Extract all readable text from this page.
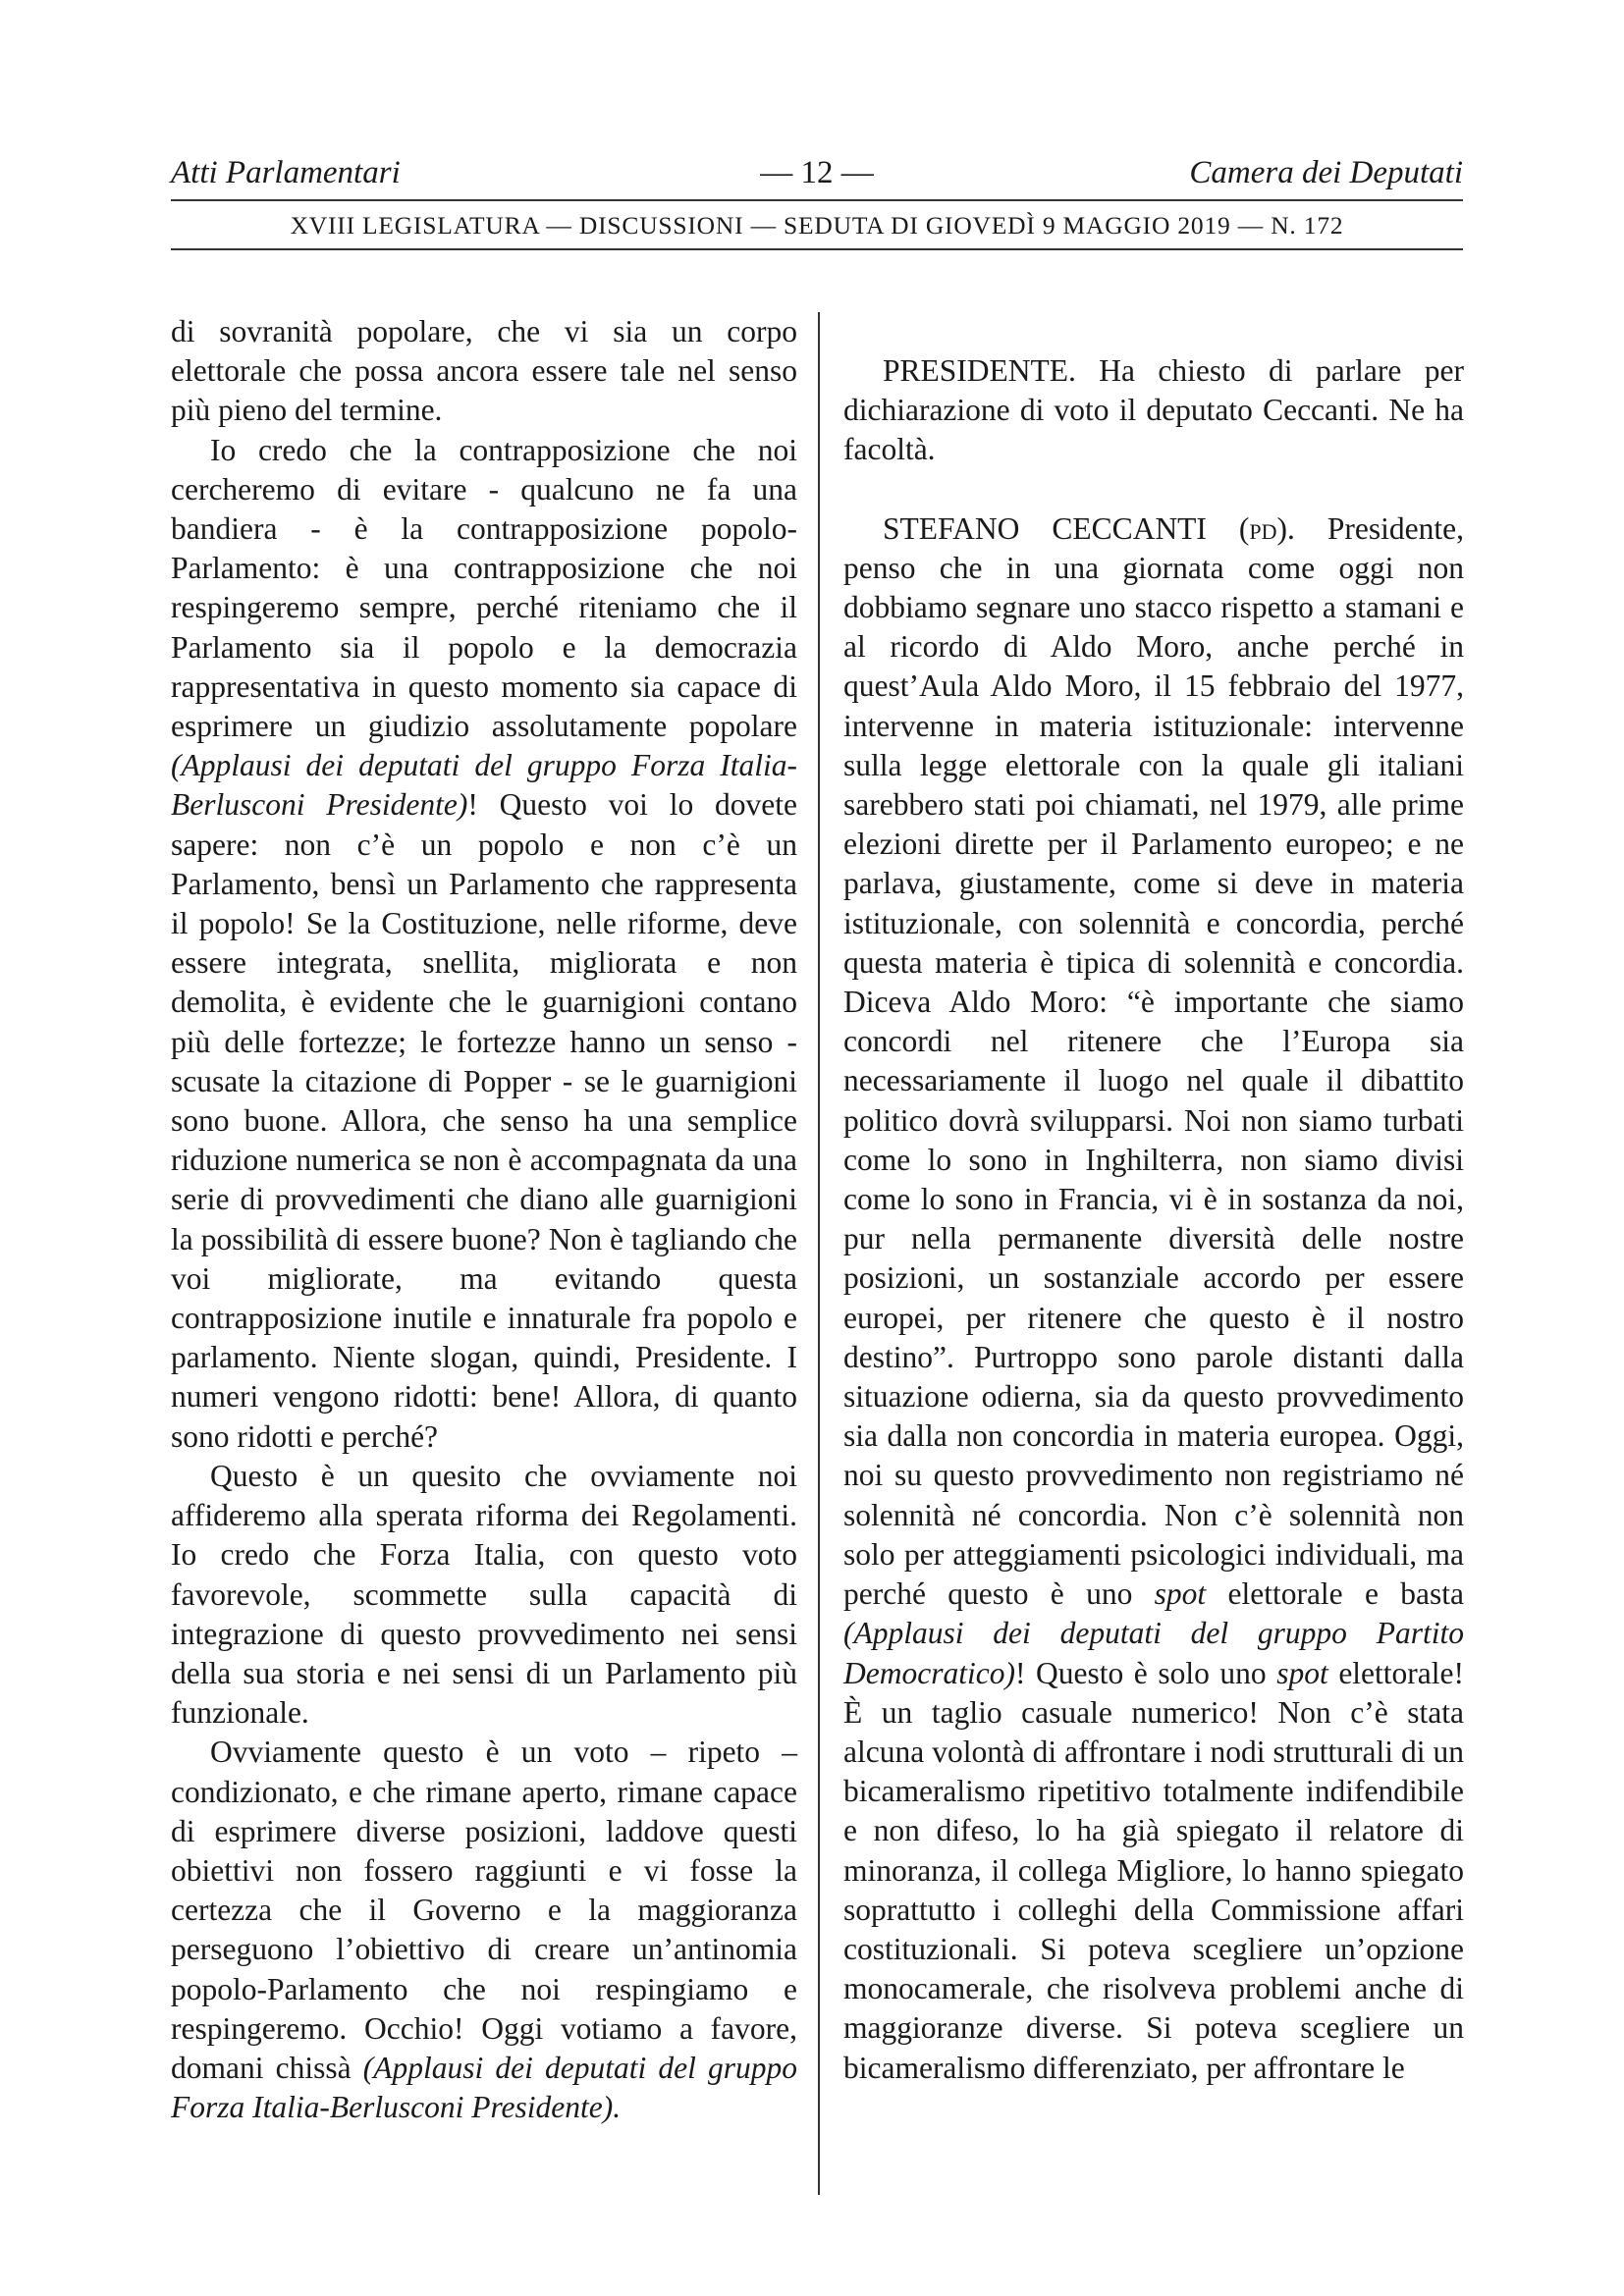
Atti Parlamentari	— 12 —	Camera dei Deputati
XVIII LEGISLATURA — DISCUSSIONI — SEDUTA DI GIOVEDÌ 9 MAGGIO 2019 — N. 172

di sovranità popolare, che vi sia un corpo elettorale che possa ancora essere tale nel senso più pieno del termine.

Io credo che la contrapposizione che noi cercheremo di evitare - qualcuno ne fa una bandiera - è la contrapposizione popolo-Parlamento: è una contrapposizione che noi respingeremo sempre, perché riteniamo che il Parlamento sia il popolo e la democrazia rappresentativa in questo momento sia capace di esprimere un giudizio assolutamente popolare (Applausi dei deputati del gruppo Forza Italia-Berlusconi Presidente)! Questo voi lo dovete sapere: non c’è un popolo e non c’è un Parlamento, bensì un Parlamento che rappresenta il popolo! Se la Costituzione, nelle riforme, deve essere integrata, snellita, migliorata e non demolita, è evidente che le guarnigioni contano più delle fortezze; le fortezze hanno un senso - scusate la citazione di Popper - se le guarnigioni sono buone. Allora, che senso ha una semplice riduzione numerica se non è accompagnata da una serie di provvedimenti che diano alle guarnigioni la possibilità di essere buone? Non è tagliando che voi migliorate, ma evitando questa contrapposizione inutile e innaturale fra popolo e parlamento. Niente slogan, quindi, Presidente. I numeri vengono ridotti: bene! Allora, di quanto sono ridotti e perché?

Questo è un quesito che ovviamente noi affideremo alla sperata riforma dei Regolamenti. Io credo che Forza Italia, con questo voto favorevole, scommette sulla capacità di integrazione di questo provvedimento nei sensi della sua storia e nei sensi di un Parlamento più funzionale.

Ovviamente questo è un voto – ripeto – condizionato, e che rimane aperto, rimane capace di esprimere diverse posizioni, laddove questi obiettivi non fossero raggiunti e vi fosse la certezza che il Governo e la maggioranza perseguono l’obiettivo di creare un’antinomia popolo-Parlamento che noi respingiamo e respingeremo. Occhio! Oggi votiamo a favore, domani chissà (Applausi dei deputati del gruppo Forza Italia-Berlusconi Presidente).

PRESIDENTE. Ha chiesto di parlare per dichiarazione di voto il deputato Ceccanti. Ne ha facoltà.

STEFANO CECCANTI (pd). Presidente, penso che in una giornata come oggi non dobbiamo segnare uno stacco rispetto a stamani e al ricordo di Aldo Moro, anche perché in quest’Aula Aldo Moro, il 15 febbraio del 1977, intervenne in materia istituzionale: intervenne sulla legge elettorale con la quale gli italiani sarebbero stati poi chiamati, nel 1979, alle prime elezioni dirette per il Parlamento europeo; e ne parlava, giustamente, come si deve in materia istituzionale, con solennità e concordia, perché questa materia è tipica di solennità e concordia. Diceva Aldo Moro: “è importante che siamo concordi nel ritenere che l’Europa sia necessariamente il luogo nel quale il dibattito politico dovrà svilupparsi. Noi non siamo turbati come lo sono in Inghilterra, non siamo divisi come lo sono in Francia, vi è in sostanza da noi, pur nella permanente diversità delle nostre posizioni, un sostanziale accordo per essere europei, per ritenere che questo è il nostro destino”. Purtroppo sono parole distanti dalla situazione odierna, sia da questo provvedimento sia dalla non concordia in materia europea. Oggi, noi su questo provvedimento non registriamo né solennità né concordia. Non c’è solennità non solo per atteggiamenti psicologici individuali, ma perché questo è uno spot elettorale e basta (Applausi dei deputati del gruppo Partito Democratico)! Questo è solo uno spot elettorale! È un taglio casuale numerico! Non c’è stata alcuna volontà di affrontare i nodi strutturali di un bicameralismo ripetitivo totalmente indifendibile e non difeso, lo ha già spiegato il relatore di minoranza, il collega Migliore, lo hanno spiegato soprattutto i colleghi della Commissione affari costituzionali. Si poteva scegliere un’opzione monocamerale, che risolveva problemi anche di maggioranze diverse. Si poteva scegliere un bicameralismo differenziato, per affrontare le
